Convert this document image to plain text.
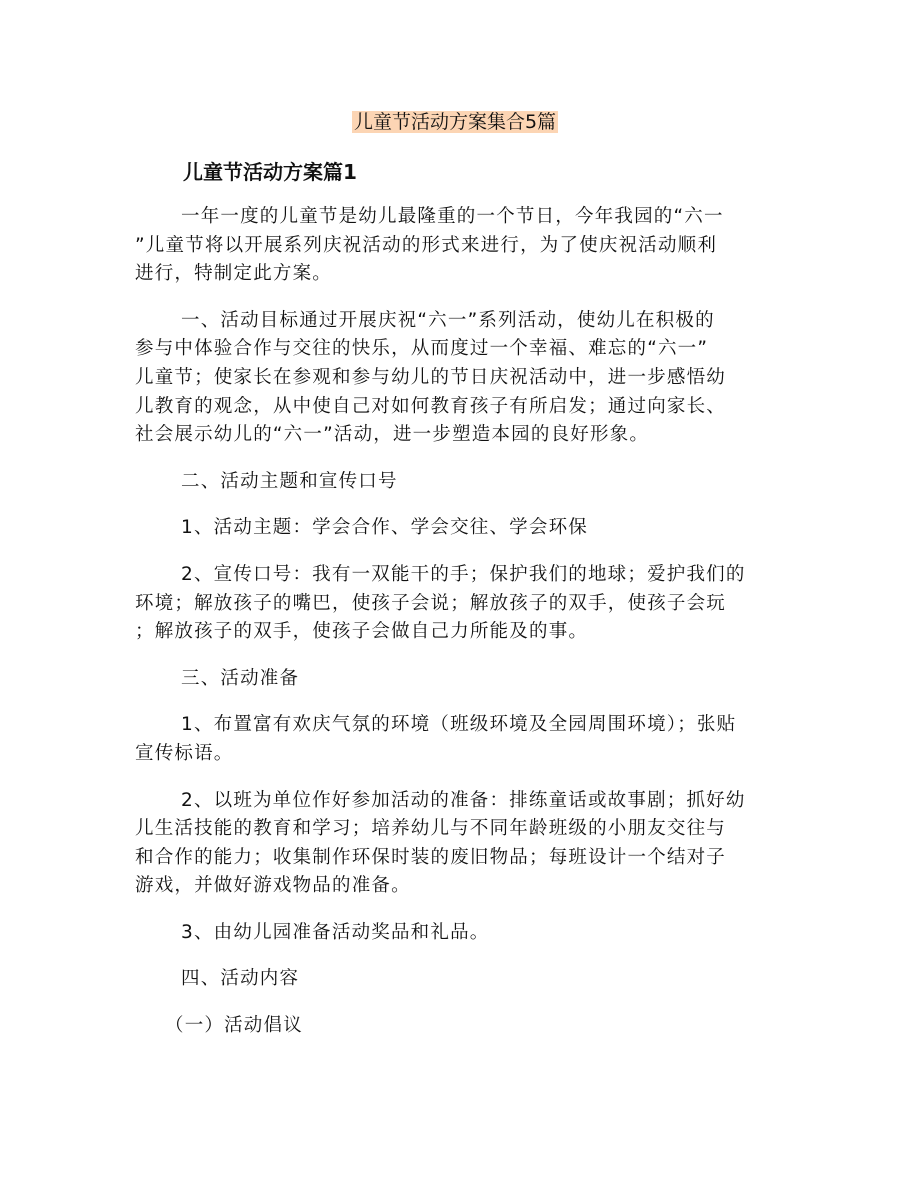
儿童节活动方案集合5篇
儿童节活动方案篇1
一年一度的儿童节是幼儿最隆重的一个节日，今年我园的“六一
”儿童节将以开展系列庆祝活动的形式来进行，为了使庆祝活动顺利
进行，特制定此方案。
一、活动目标通过开展庆祝“六一”系列活动，使幼儿在积极的
参与中体验合作与交往的快乐，从而度过一个幸福、难忘的“六一”
儿童节；使家长在参观和参与幼儿的节日庆祝活动中，进一步感悟幼
儿教育的观念，从中使自己对如何教育孩子有所启发；通过向家长、
社会展示幼儿的“六一”活动，进一步塑造本园的良好形象。
二、活动主题和宣传口号
1、活动主题：学会合作、学会交往、学会环保
2、宣传口号：我有一双能干的手；保护我们的地球；爱护我们的
环境；解放孩子的嘴巴，使孩子会说；解放孩子的双手，使孩子会玩
；解放孩子的双手，使孩子会做自己力所能及的事。
三、活动准备
1、布置富有欢庆气氛的环境（班级环境及全园周围环境）；张贴
宣传标语。
2、以班为单位作好参加活动的准备：排练童话或故事剧；抓好幼
儿生活技能的教育和学习；培养幼儿与不同年龄班级的小朋友交往与
和合作的能力；收集制作环保时装的废旧物品；每班设计一个结对子
游戏，并做好游戏物品的准备。
3、由幼儿园准备活动奖品和礼品。
四、活动内容
（一）活动倡议
